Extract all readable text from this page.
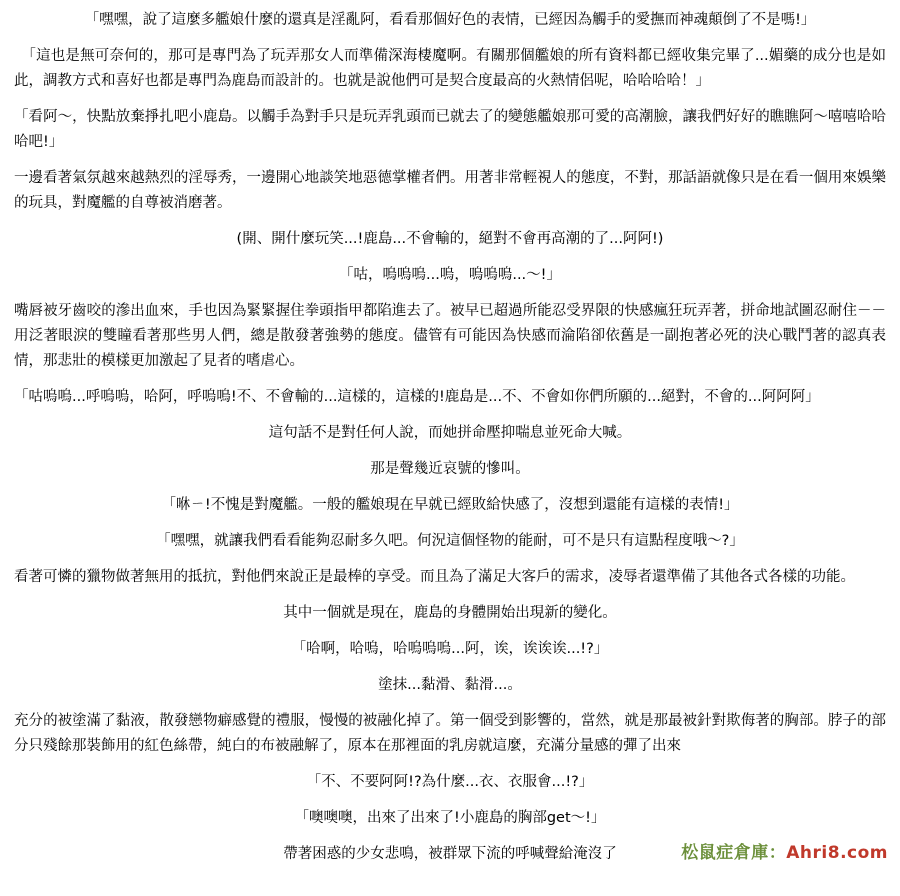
「嘿嘿，說了這麼多艦娘什麼的還真是淫亂阿，看看那個好色的表情，已經因為觸手的愛撫而神魂顛倒了不是嗎!」

　「這也是無可奈何的，那可是專門為了玩弄那女人而準備深海棲魔啊。有關那個艦娘的所有資料都已經收集完畢了...媚藥的成分也是如此，調教方式和喜好也都是專門為鹿島而設計的。也就是說他們可是契合度最高的火熱情侶呢，哈哈哈哈！」

「看阿～，快點放棄掙扎吧小鹿島。以觸手為對手只是玩弄乳頭而已就去了的變態艦娘那可愛的高潮臉，讓我們好好的瞧瞧阿～嘻嘻哈哈哈吧!」

一邊看著氣氛越來越熱烈的淫辱秀，一邊開心地談笑地惡德掌權者們。用著非常輕視人的態度，不對，那話語就像只是在看一個用來娛樂的玩具，對魔艦的自尊被消磨著。

(開、開什麼玩笑...!鹿島...不會輸的，絕對不會再高潮的了...阿阿!)

「咕，嗚嗚嗚...嗚，嗚嗚嗚...～!」

嘴唇被牙齒咬的滲出血來，手也因為緊緊握住拳頭指甲都陷進去了。被早已超過所能忍受界限的快感瘋狂玩弄著，拼命地試圖忍耐住－－用泛著眼淚的雙瞳看著那些男人們，總是散發著強勢的態度。儘管有可能因為快感而淪陷卻依舊是一副抱著必死的決心戰鬥著的認真表情，那悲壯的模樣更加激起了見者的嗜虐心。

「咕嗚嗚...呼嗚嗚，哈阿，呼嗚嗚!不、不會輸的...這樣的，這樣的!鹿島是...不、不會如你們所願的...絕對，不會的...阿阿阿」

這句話不是對任何人說，而她拼命壓抑喘息並死命大喊。

那是聲幾近哀號的慘叫。

「咻ㄧ!不愧是對魔艦。一般的艦娘現在早就已經敗給快感了，沒想到還能有這樣的表情!」

「嘿嘿，就讓我們看看能夠忍耐多久吧。何況這個怪物的能耐，可不是只有這點程度哦～?」

看著可憐的獵物做著無用的抵抗，對他們來說正是最棒的享受。而且為了滿足大客戶的需求，凌辱者還準備了其他各式各樣的功能。

其中一個就是現在，鹿島的身體開始出現新的變化。

「哈啊，哈嗚，哈嗚嗚嗚...阿，诶，诶诶诶...!?」

塗抹...黏滑、黏滑...。

充分的被塗滿了黏液，散發戀物癖感覺的禮服，慢慢的被融化掉了。第一個受到影響的，當然，就是那最被針對欺侮著的胸部。脖子的部分只殘餘那裝飾用的紅色絲帶，純白的布被融解了，原本在那裡面的乳房就這麼，充滿分量感的彈了出來

「不、不要阿阿!?為什麼...衣、衣服會...!?」

「噢噢噢，出來了出來了!小鹿島的胸部get～!」

帶著困惑的少女悲鳴，被群眾下流的呼喊聲給淹沒了	松鼠症倉庫：Ahri8.com
